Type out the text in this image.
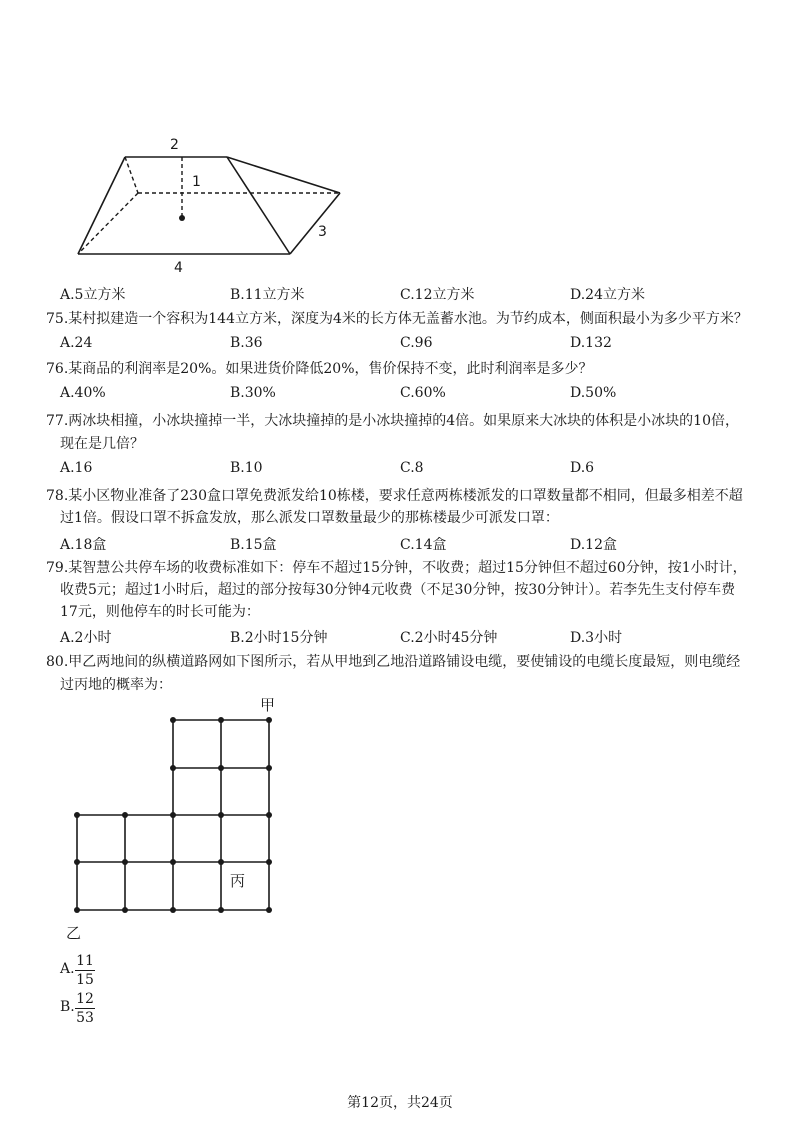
2
1
3
4
A.5立方米	B.11立方米	C.12立方米	D.24立方米
75.某村拟建造一个容积为144立方米，深度为4米的长方体无盖蓄水池。为节约成本，侧面积最小为多少平方米？
A.24	B.36	C.96	D.132
76.某商品的利润率是20%。如果进货价降低20%，售价保持不变，此时利润率是多少？
A.40%	B.30%	C.60%	D.50%
77.两冰块相撞，小冰块撞掉一半，大冰块撞掉的是小冰块撞掉的4倍。如果原来大冰块的体积是小冰块的10倍，
现在是几倍？
A.16	B.10	C.8	D.6
78.某小区物业准备了230盒口罩免费派发给10栋楼，要求任意两栋楼派发的口罩数量都不相同，但最多相差不超
过1倍。假设口罩不拆盒发放，那么派发口罩数量最少的那栋楼最少可派发口罩：
A.18盒	B.15盒	C.14盒	D.12盒
79.某智慧公共停车场的收费标准如下：停车不超过15分钟，不收费；超过15分钟但不超过60分钟，按1小时计，
收费5元；超过1小时后，超过的部分按每30分钟4元收费（不足30分钟，按30分钟计）。若李先生支付停车费
17元，则他停车的时长可能为：
A.2小时	B.2小时15分钟	C.2小时45分钟	D.3小时
80.甲乙两地间的纵横道路网如下图所示，若从甲地到乙地沿道路铺设电缆，要使铺设的电缆长度最短，则电缆经
过丙地的概率为：
甲
丙
乙
A. 11
15
B. 12
53
第12页，共24页
